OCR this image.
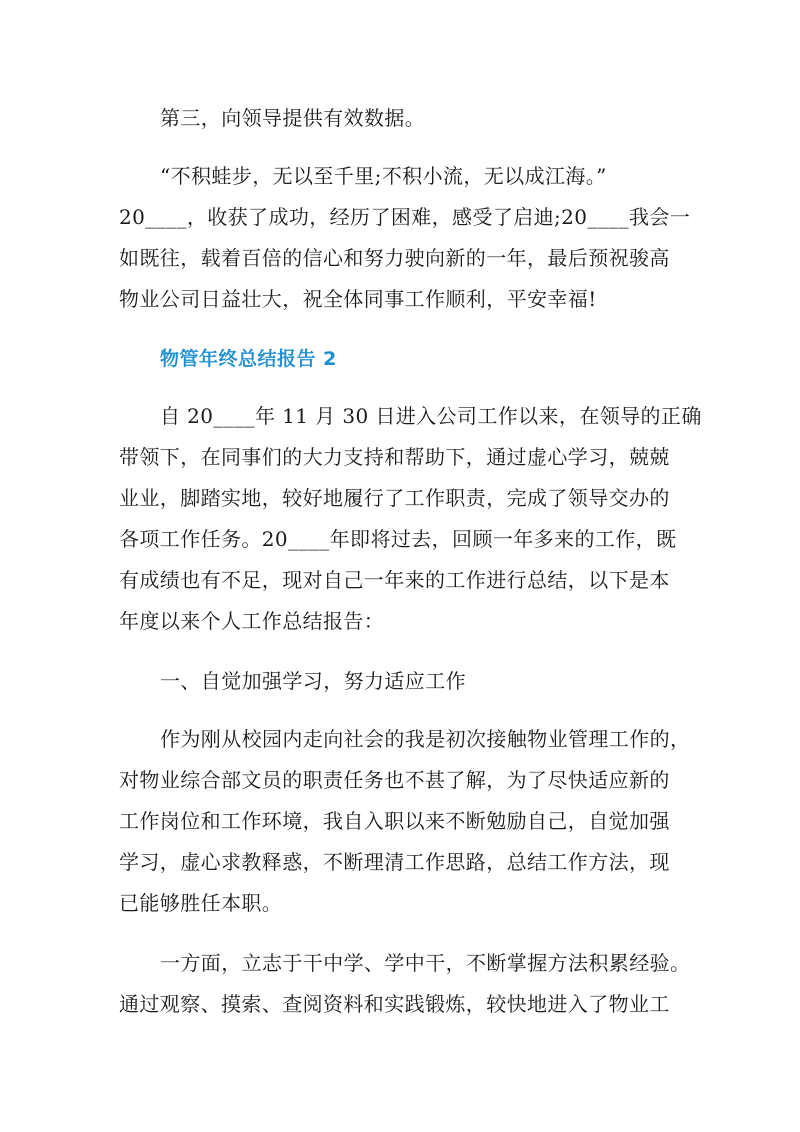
第三，向领导提供有效数据。
“不积蛙步，无以至千里;不积小流，无以成江海。”
20____，收获了成功，经历了困难，感受了启迪;20____我会一
如既往，载着百倍的信心和努力驶向新的一年，最后预祝骏高
物业公司日益壮大，祝全体同事工作顺利，平安幸福!
物管年终总结报告 2
自 20____年 11 月 30 日进入公司工作以来，在领导的正确
带领下，在同事们的大力支持和帮助下，通过虚心学习，兢兢
业业，脚踏实地，较好地履行了工作职责，完成了领导交办的
各项工作任务。20____年即将过去，回顾一年多来的工作，既
有成绩也有不足，现对自己一年来的工作进行总结，以下是本
年度以来个人工作总结报告：
一、自觉加强学习，努力适应工作
作为刚从校园内走向社会的我是初次接触物业管理工作的，
对物业综合部文员的职责任务也不甚了解，为了尽快适应新的
工作岗位和工作环境，我自入职以来不断勉励自己，自觉加强
学习，虚心求教释惑，不断理清工作思路，总结工作方法，现
已能够胜任本职。
一方面，立志于干中学、学中干，不断掌握方法积累经验。
通过观察、摸索、查阅资料和实践锻炼，较快地进入了物业工
